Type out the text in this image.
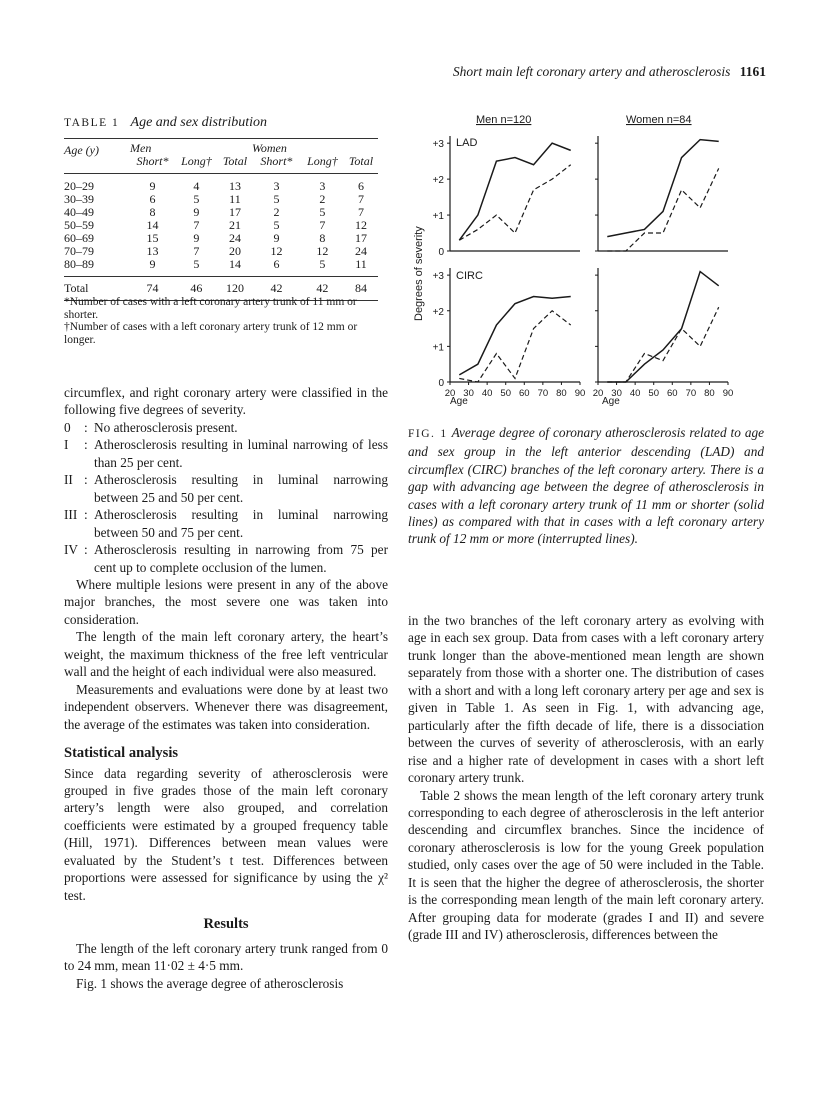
Short main left coronary artery and atherosclerosis 1161
TABLE 1 Age and sex distribution
Age (y)	Men			Women		
	Short*	Long†	Total	Short*	Long†	Total

20–29	9	4	13	3	3	6
30–39	6	5	11	5	2	7
40–49	8	9	17	2	5	7
50–59	14	7	21	5	7	12
60–69	15	9	24	9	8	17
70–79	13	7	20	12	12	24
80–89	9	5	14	6	5	11

Total	74	46	120	42	42	84

*Number of cases with a left coronary artery trunk of 11 mm or shorter.
†Number of cases with a left coronary artery trunk of 12 mm or longer.

circumflex, and right coronary artery were classified in the following five degrees of severity.

0	: No atherosclerosis present.
I	: Atherosclerosis resulting in luminal narrowing of less than 25 per cent.
II : Atherosclerosis resulting in luminal narrowing between 25 and 50 per cent.
III : Atherosclerosis resulting in luminal narrowing between 50 and 75 per cent.
IV : Atherosclerosis resulting in narrowing from 75 per cent up to complete occlusion of the lumen.

Where multiple lesions were present in any of the above major branches, the most severe one was taken into consideration.

The length of the main left coronary artery, the heart’s weight, the maximum thickness of the free left ventricular wall and the height of each individual were also measured.

Measurements and evaluations were done by at least two independent observers. Whenever there was disagreement, the average of the estimates was taken into consideration.

Statistical analysis

Since data regarding severity of atherosclerosis were grouped in five grades those of the main left coronary artery’s length were also grouped, and correlation coefficients were estimated by a grouped frequency table (Hill, 1971). Differences between mean values were evaluated by the Student’s t test. Differences between proportions were assessed for significance by using the χ² test.

Results

The length of the left coronary artery trunk ranged from 0 to 24 mm, mean 11·02 ± 4·5 mm.

Fig. 1 shows the average degree of atherosclerosis

Men n=120	Women n=84
Degrees of severity
LAD
CIRC
Age	Age
+3
+2
+1
0
+3
+2
+1
0
20 30 40 50 60 70 80 90 20 30 40 50 60 70 80 90
FIG. 1 Average degree of coronary atherosclerosis related to age and sex group in the left anterior descending (LAD) and circumflex (CIRC) branches of the left coronary artery. There is a gap with advancing age between the degree of atherosclerosis in cases with a left coronary artery trunk of 11 mm or shorter (solid lines) as compared with that in cases with a left coronary artery trunk of 12 mm or more (interrupted lines).

in the two branches of the left coronary artery as evolving with age in each sex group. Data from cases with a left coronary artery trunk longer than the above-mentioned mean length are shown separately from those with a shorter one. The distribution of cases with a short and with a long left coronary artery per age and sex is given in Table 1. As seen in Fig. 1, with advancing age, particularly after the fifth decade of life, there is a dissociation between the curves of severity of atherosclerosis, with an early rise and a higher rate of development in cases with a short left coronary artery trunk.

Table 2 shows the mean length of the left coronary artery trunk corresponding to each degree of atherosclerosis in the left anterior descending and circumflex branches. Since the incidence of coronary atherosclerosis is low for the young Greek population studied, only cases over the age of 50 were included in the Table. It is seen that the higher the degree of atherosclerosis, the shorter is the corresponding mean length of the main left coronary artery. After grouping data for moderate (grades I and II) and severe (grade III and IV) atherosclerosis, differences between the
